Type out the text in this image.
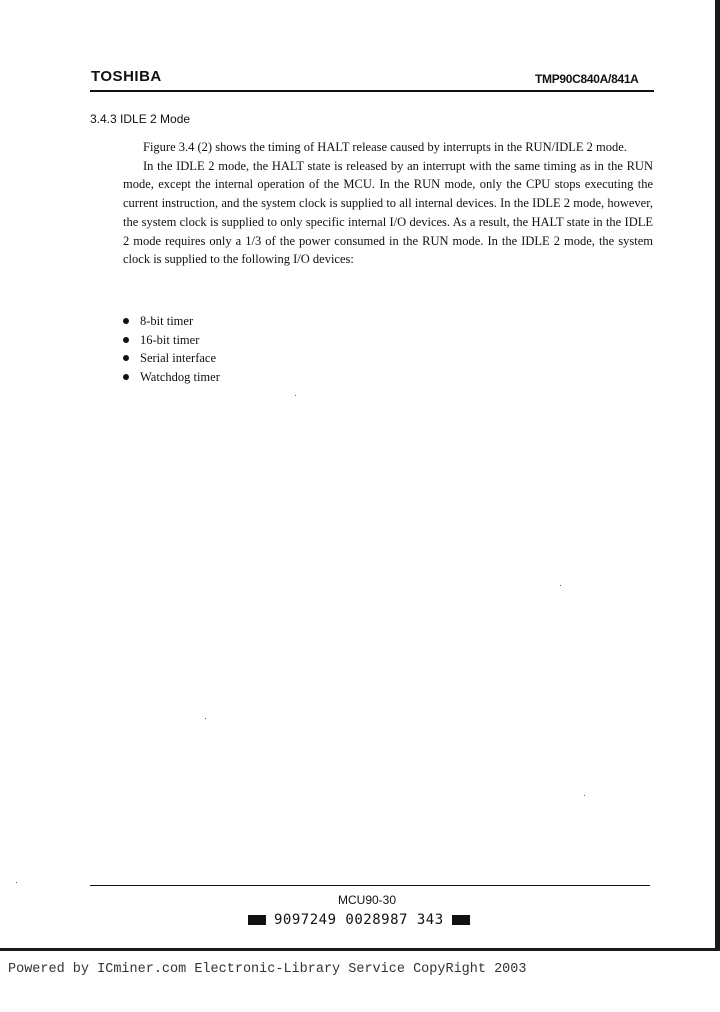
TOSHIBA	TMP90C840A/841A
3.4.3 IDLE 2 Mode

Figure 3.4 (2) shows the timing of HALT release caused by interrupts in the RUN/IDLE 2 mode.

In the IDLE 2 mode, the HALT state is released by an interrupt with the same timing as in the RUN mode, except the internal operation of the MCU. In the RUN mode, only the CPU stops executing the current instruction, and the system clock is supplied to all internal devices. In the IDLE 2 mode, however, the system clock is supplied to only specific internal I/O devices. As a result, the HALT state in the IDLE 2 mode requires only a 1/3 of the power consumed in the RUN mode. In the IDLE 2 mode, the system clock is supplied to the following I/O devices:

8-bit timer
16-bit timer
Serial interface
Watchdog timer
MCU90-30
9097249 0028987 343
Powered by ICminer.com Electronic-Library Service CopyRight 2003
